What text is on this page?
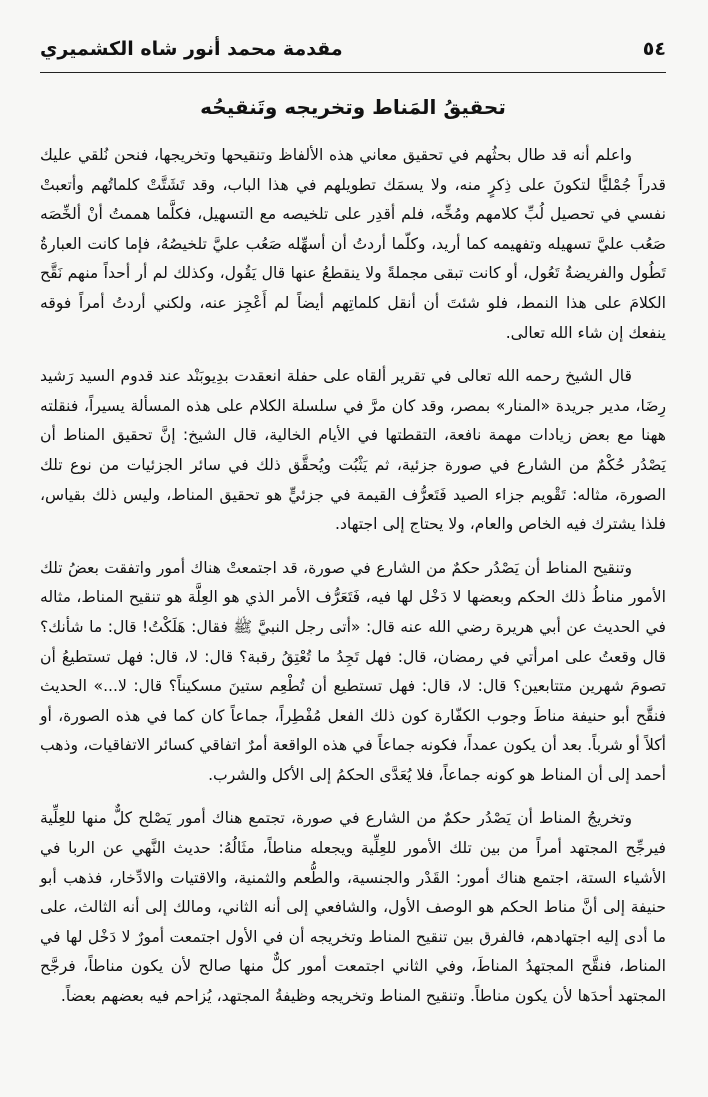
٥٤
مقدمة محمد أنور شاه الكشميري
تحقيقُ المَناط وتخريجه وتَنقيحُه

واعلم أنه قد طال بحثُهم في تحقيق معاني هذه الألفاظ وتنقيحها وتخريجها، فنحن نُلقي عليك قدراً جُمْليًّا لتكونَ على ذِكرٍ منه، ولا يسمَك تطويلهم في هذا الباب، وقد تَشَتَّتْ كلماتُهم وأتعبتْ نفسي في تحصيل لُبِّ كلامهم ومُخِّه، فلم أقدِر على تلخيصه مع التسهيل، فكلَّما هممتُ أنْ ألخِّصَه صَعُب عليَّ تسهيله وتفهيمه كما أريد، وكلّما أردتُ أن أسهِّله صَعُب عليَّ تلخيصُهُ، فإما كانت العبارةُ تَطُول والفريضةُ تَعُول، أو كانت تبقى مجملةً ولا ينقطعُ عنها قال يَقُول، وكذلك لم أر أحداً منهم نَقَّح الكلامَ على هذا النمط، فلو شئتَ أن أنقل كلماتِهم أيضاً لم أَعْجِز عنه، ولكني أردتُ أمراً فوقه ينفعك إن شاء الله تعالى.

قال الشيخ رحمه الله تعالى في تقرير ألقاه على حفلة انعقدت بدِيوبَنْد عند قدوم السيد رَشيد رِضَا، مدير جريدة «المنار» بمصر، وقد كان مرَّ في سلسلة الكلام على هذه المسألة يسيراً، فنقلته ههنا مع بعض زيادات مهمة نافعة، التقطتها في الأيام الخالية، قال الشيخ: إنَّ تحقيق المناط أن يَصْدُر حُكْمٌ من الشارع في صورة جزئية، ثم يَثْبُت ويُحقَّق ذلك في سائر الجزئيات من نوع تلك الصورة، مثاله: تَقْويم جزاء الصيد فَتَعرُّف القيمة في جزئيٍّ هو تحقيق المناط، وليس ذلك بقياس، فلذا يشترك فيه الخاص والعام، ولا يحتاج إلى اجتهاد.

وتنقيح المناط أن يَصْدُر حكمٌ من الشارع في صورة، قد اجتمعتْ هناك أمور واتفقت بعضُ تلك الأمور مناطُ ذلك الحكم وبعضها لا دَخْل لها فيه، فَتَعَرُّف الأمر الذي هو العِلَّة هو تنقيح المناط، مثاله في الحديث عن أبي هريرة رضي الله عنه قال: «أتى رجل النبيَّ ﷺ فقال: هَلَكْتُ! قال: ما شأنك؟ قال وقعتُ على امرأتي في رمضان، قال: فهل تَجِدُ ما تُعْتِقُ رقبة؟ قال: لا، قال: فهل تستطيعُ أن تصومَ شهرين متتابعين؟ قال: لا، قال: فهل تستطيع أن تُطْعِم ستينَ مسكيناً؟ قال: لا...» الحديث فنقَّح أبو حنيفة مناطَ وجوب الكفّارة كون ذلك الفعل مُفْطِراً، جماعاً كان كما في هذه الصورة، أو أكلاً أو شرباً. بعد أن يكون عمداً، فكونه جماعاً في هذه الواقعة أمرٌ اتفاقي كسائر الاتفاقيات، وذهب أحمد إلى أن المناط هو كونه جماعاً، فلا يُعَدَّى الحكمُ إلى الأكل والشرب.

وتخريجُ المناط أن يَصْدُر حكمٌ من الشارع في صورة، تجتمع هناك أمور يَصْلح كلٌّ منها للعِلِّية فيرجِّح المجتهد أمراً من بين تلك الأمور للعِلِّية ويجعله مناطاً، مثَالُهُ: حديث النَّهي عن الربا في الأشياء الستة، اجتمع هناك أمور: القَدْر والجنسية، والطُّعم والثمنية، والاقتيات والادِّخار، فذهب أبو حنيفة إلى أنَّ مناط الحكم هو الوصف الأول، والشافعي إلى أنه الثاني، ومالك إلى أنه الثالث، على ما أدى إليه اجتهادهم، فالفرق بين تنقيح المناط وتخريجه أن في الأول اجتمعت أمورٌ لا دَخْل لها في المناط، فنقَّح المجتهدُ المناطَ، وفي الثاني اجتمعت أمور كلٌّ منها صالح لأن يكون مناطاً، فرجَّح المجتهد أحدَها لأن يكون مناطاً. وتنقيح المناط وتخريجه وظيفةُ المجتهد، يُزاحم فيه بعضهم بعضاً.
